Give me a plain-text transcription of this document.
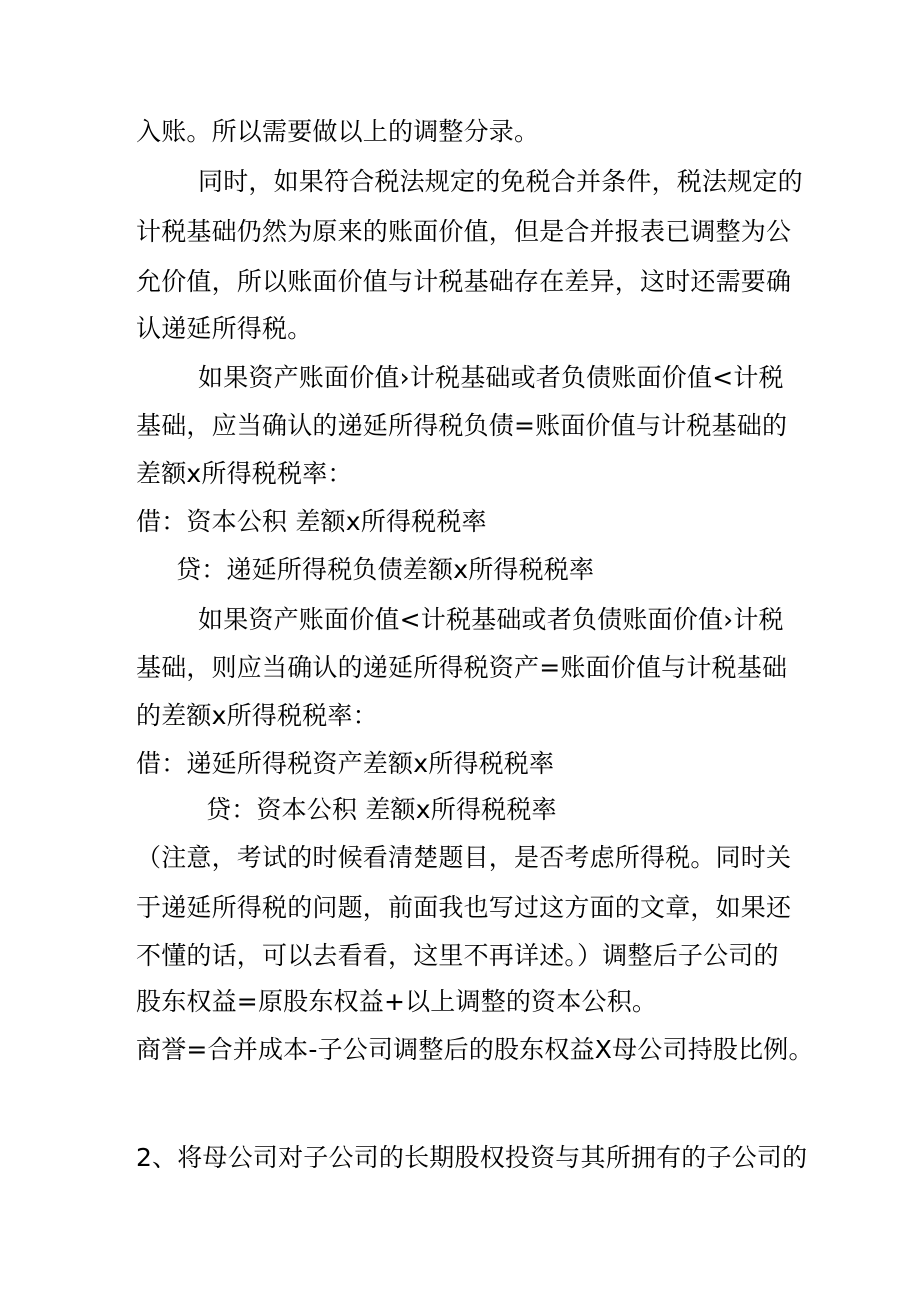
入账。所以需要做以上的调整分录。
同时，如果符合税法规定的免税合并条件，税法规定的
计税基础仍然为原来的账面价值，但是合并报表已调整为公
允价值，所以账面价值与计税基础存在差异，这时还需要确
认递延所得税。
如果资产账面价值›计税基础或者负债账面价值<计税
基础，应当确认的递延所得税负债=账面价值与计税基础的
差额x所得税税率：
借：资本公积 差额x所得税税率
贷：递延所得税负债差额x所得税税率
如果资产账面价值<计税基础或者负债账面价值›计税
基础，则应当确认的递延所得税资产=账面价值与计税基础
的差额x所得税税率：
借：递延所得税资产差额x所得税税率
贷：资本公积 差额x所得税税率
（注意，考试的时候看清楚题目，是否考虑所得税。同时关
于递延所得税的问题，前面我也写过这方面的文章，如果还
不懂的话，可以去看看，这里不再详述。）调整后子公司的
股东权益=原股东权益+以上调整的资本公积。
商誉=合并成本-子公司调整后的股东权益X母公司持股比例。
2、将母公司对子公司的长期股权投资与其所拥有的子公司的
